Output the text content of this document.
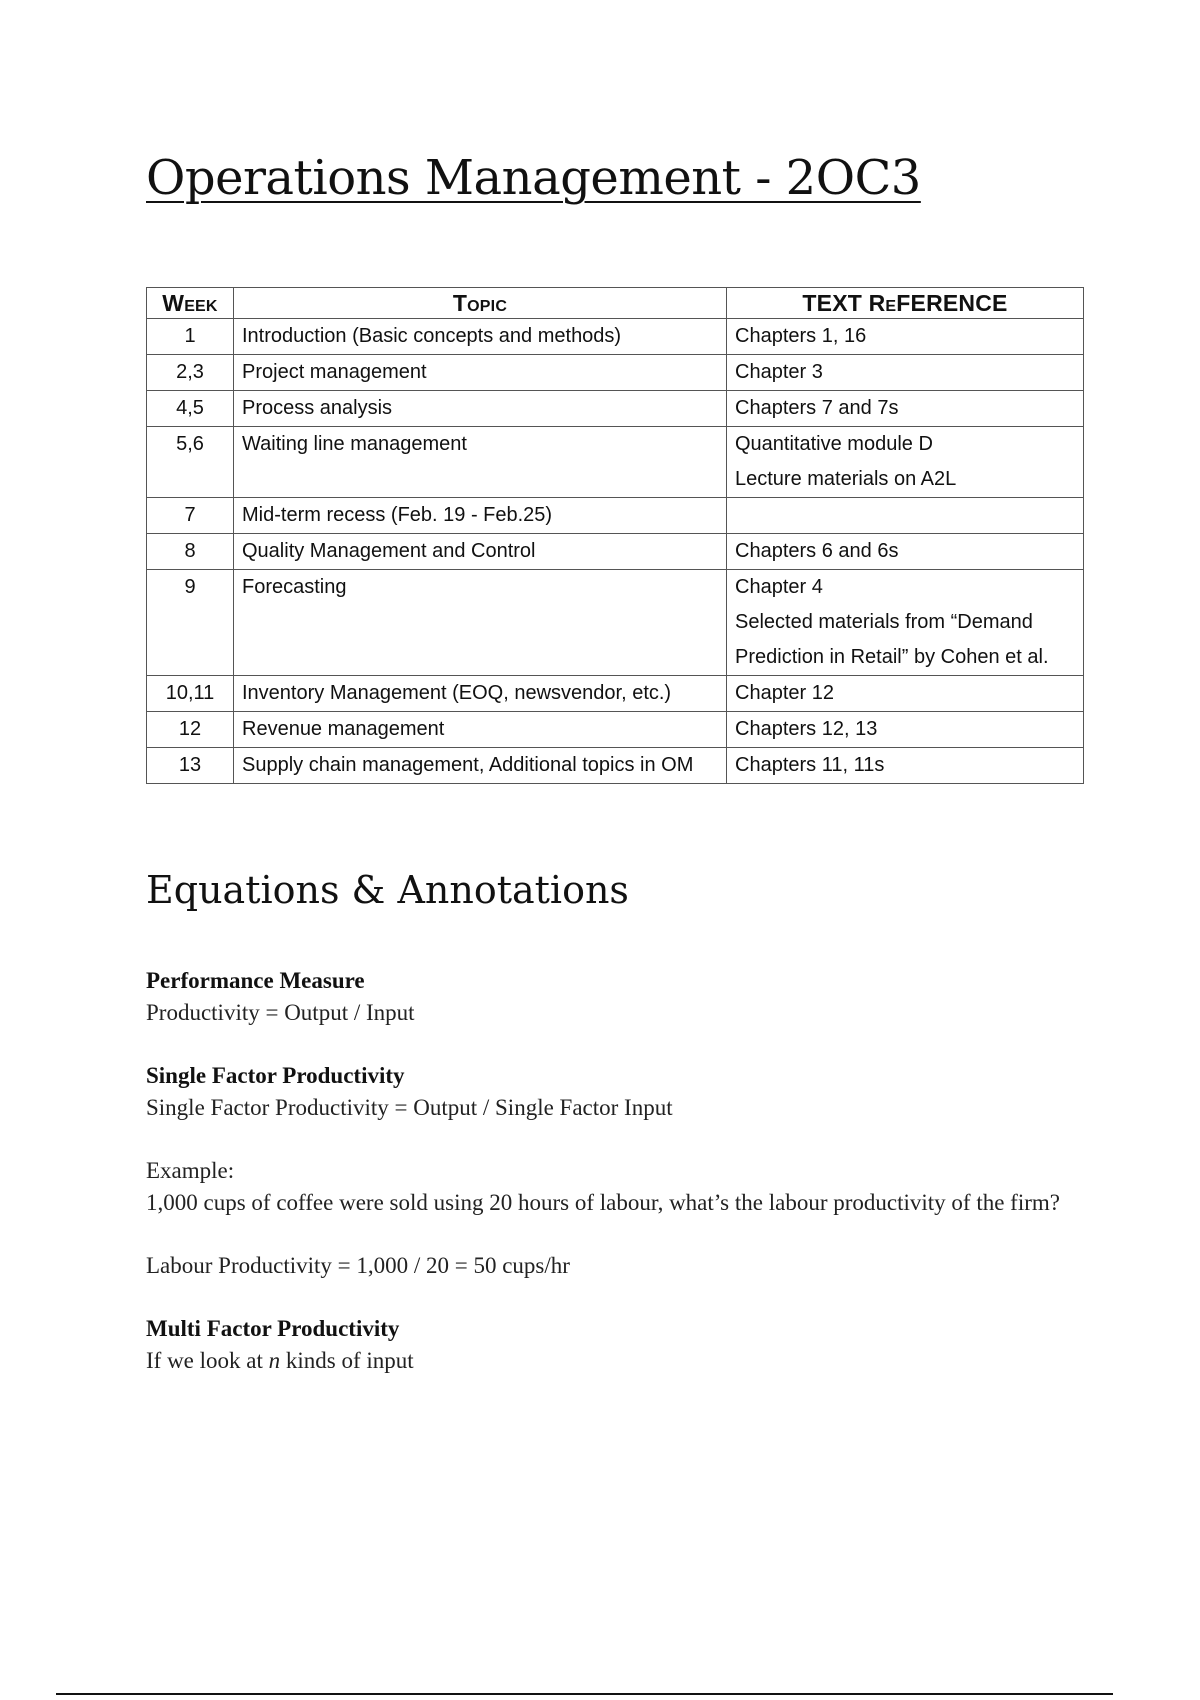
Operations Management - 2OC3
Week	Topic	TEXT ReFERENCE
1	Introduction (Basic concepts and methods)	Chapters 1, 16

2,3	Project management	Chapter 3

4,5	Process analysis	Chapters 7 and 7s

5,6	Waiting line management	Quantitative module D
Lecture materials on A2L

7	Mid-term recess (Feb. 19 - Feb.25)	

8	Quality Management and Control	Chapters 6 and 6s

9	Forecasting	Chapter 4
Selected materials from “Demand
Prediction in Retail” by Cohen et al.

10,11	Inventory Management (EOQ, newsvendor, etc.)	Chapter 12

12	Revenue management	Chapters 12, 13

13	Supply chain management, Additional topics in OM	Chapters 11, 11s
Equations & Annotations

Performance Measure

Productivity = Output / Input

Single Factor Productivity

Single Factor Productivity = Output / Single Factor Input

Example:

1,000 cups of coffee were sold using 20 hours of labour, what’s the labour productivity of the firm?

Labour Productivity = 1,000 / 20 = 50 cups/hr

Multi Factor Productivity

If we look at n kinds of input
